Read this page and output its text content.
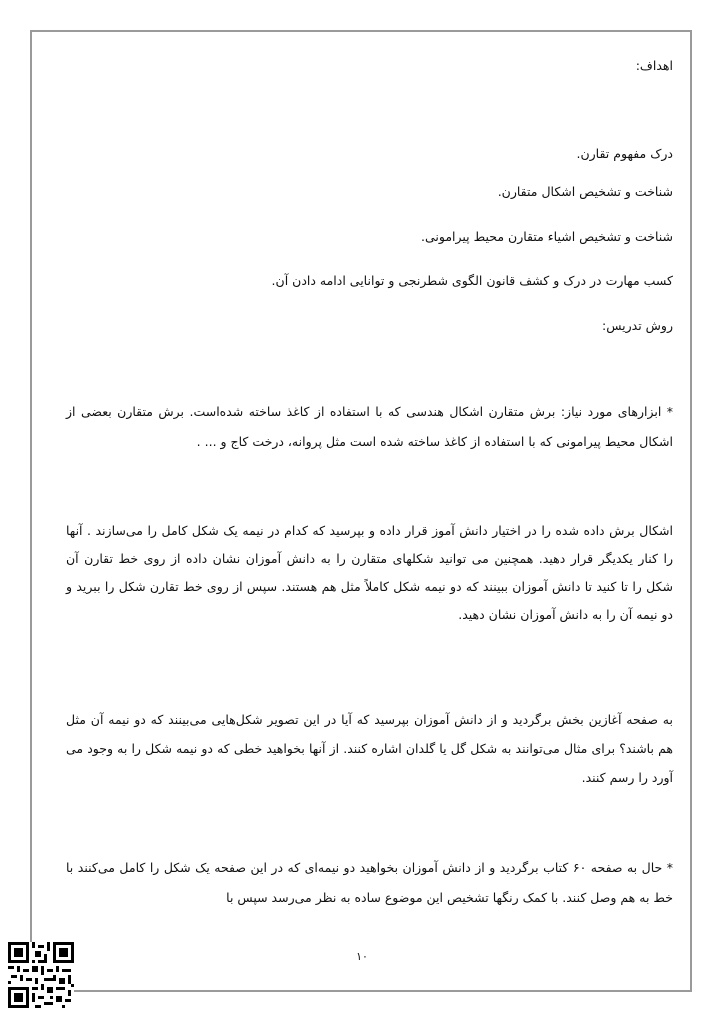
اهداف:
درک مفهوم تقارن.
شناخت و تشخیص اشکال متقارن.
شناخت و تشخیص اشیاء متقارن محیط پیرامونی.
کسب مهارت در درک و کشف قانون الگوی شطرنجی و توانایی ادامه دادن آن.
روش تدریس:
* ابزارهای مورد نیاز: برش متقارن اشکال هندسی که با استفاده از کاغذ ساخته شده‌است. برش متقارن بعضی از اشکال محیط پیرامونی که با استفاده از کاغذ ساخته شده است مثل پروانه، درخت کاج و ... .
اشکال برش داده شده را در اختیار دانش آموز قرار داده و بپرسید که کدام در نیمه یک شکل کامل را می‌سازند . آنها را کنار یکدیگر قرار دهید. همچنین می توانید شکلهای متقارن را به دانش آموزان نشان داده از روی خط تقارن آن شکل را تا کنید تا دانش آموزان ببینند که دو نیمه شکل کاملاً مثل هم هستند. سپس از روی خط تقارن شکل را ببرید و دو نیمه آن را به دانش آموزان نشان دهید.
به صفحه آغازین بخش برگردید و از دانش آموزان بپرسید که آیا در این تصویر شکل‌هایی می‌بینند که دو نیمه آن مثل هم باشند؟ برای مثال می‌توانند به شکل گل یا گلدان اشاره کنند. از آنها بخواهید خطی که دو نیمه شکل را به وجود می آورد را رسم کنند.
* حال به صفحه ۶۰ کتاب برگردید و از دانش آموزان بخواهید دو نیمه‌ای که در این صفحه یک شکل را کامل می‌کنند با خط به هم وصل کنند. با کمک رنگها تشخیص این موضوع ساده به نظر می‌رسد سپس با
۱۰
